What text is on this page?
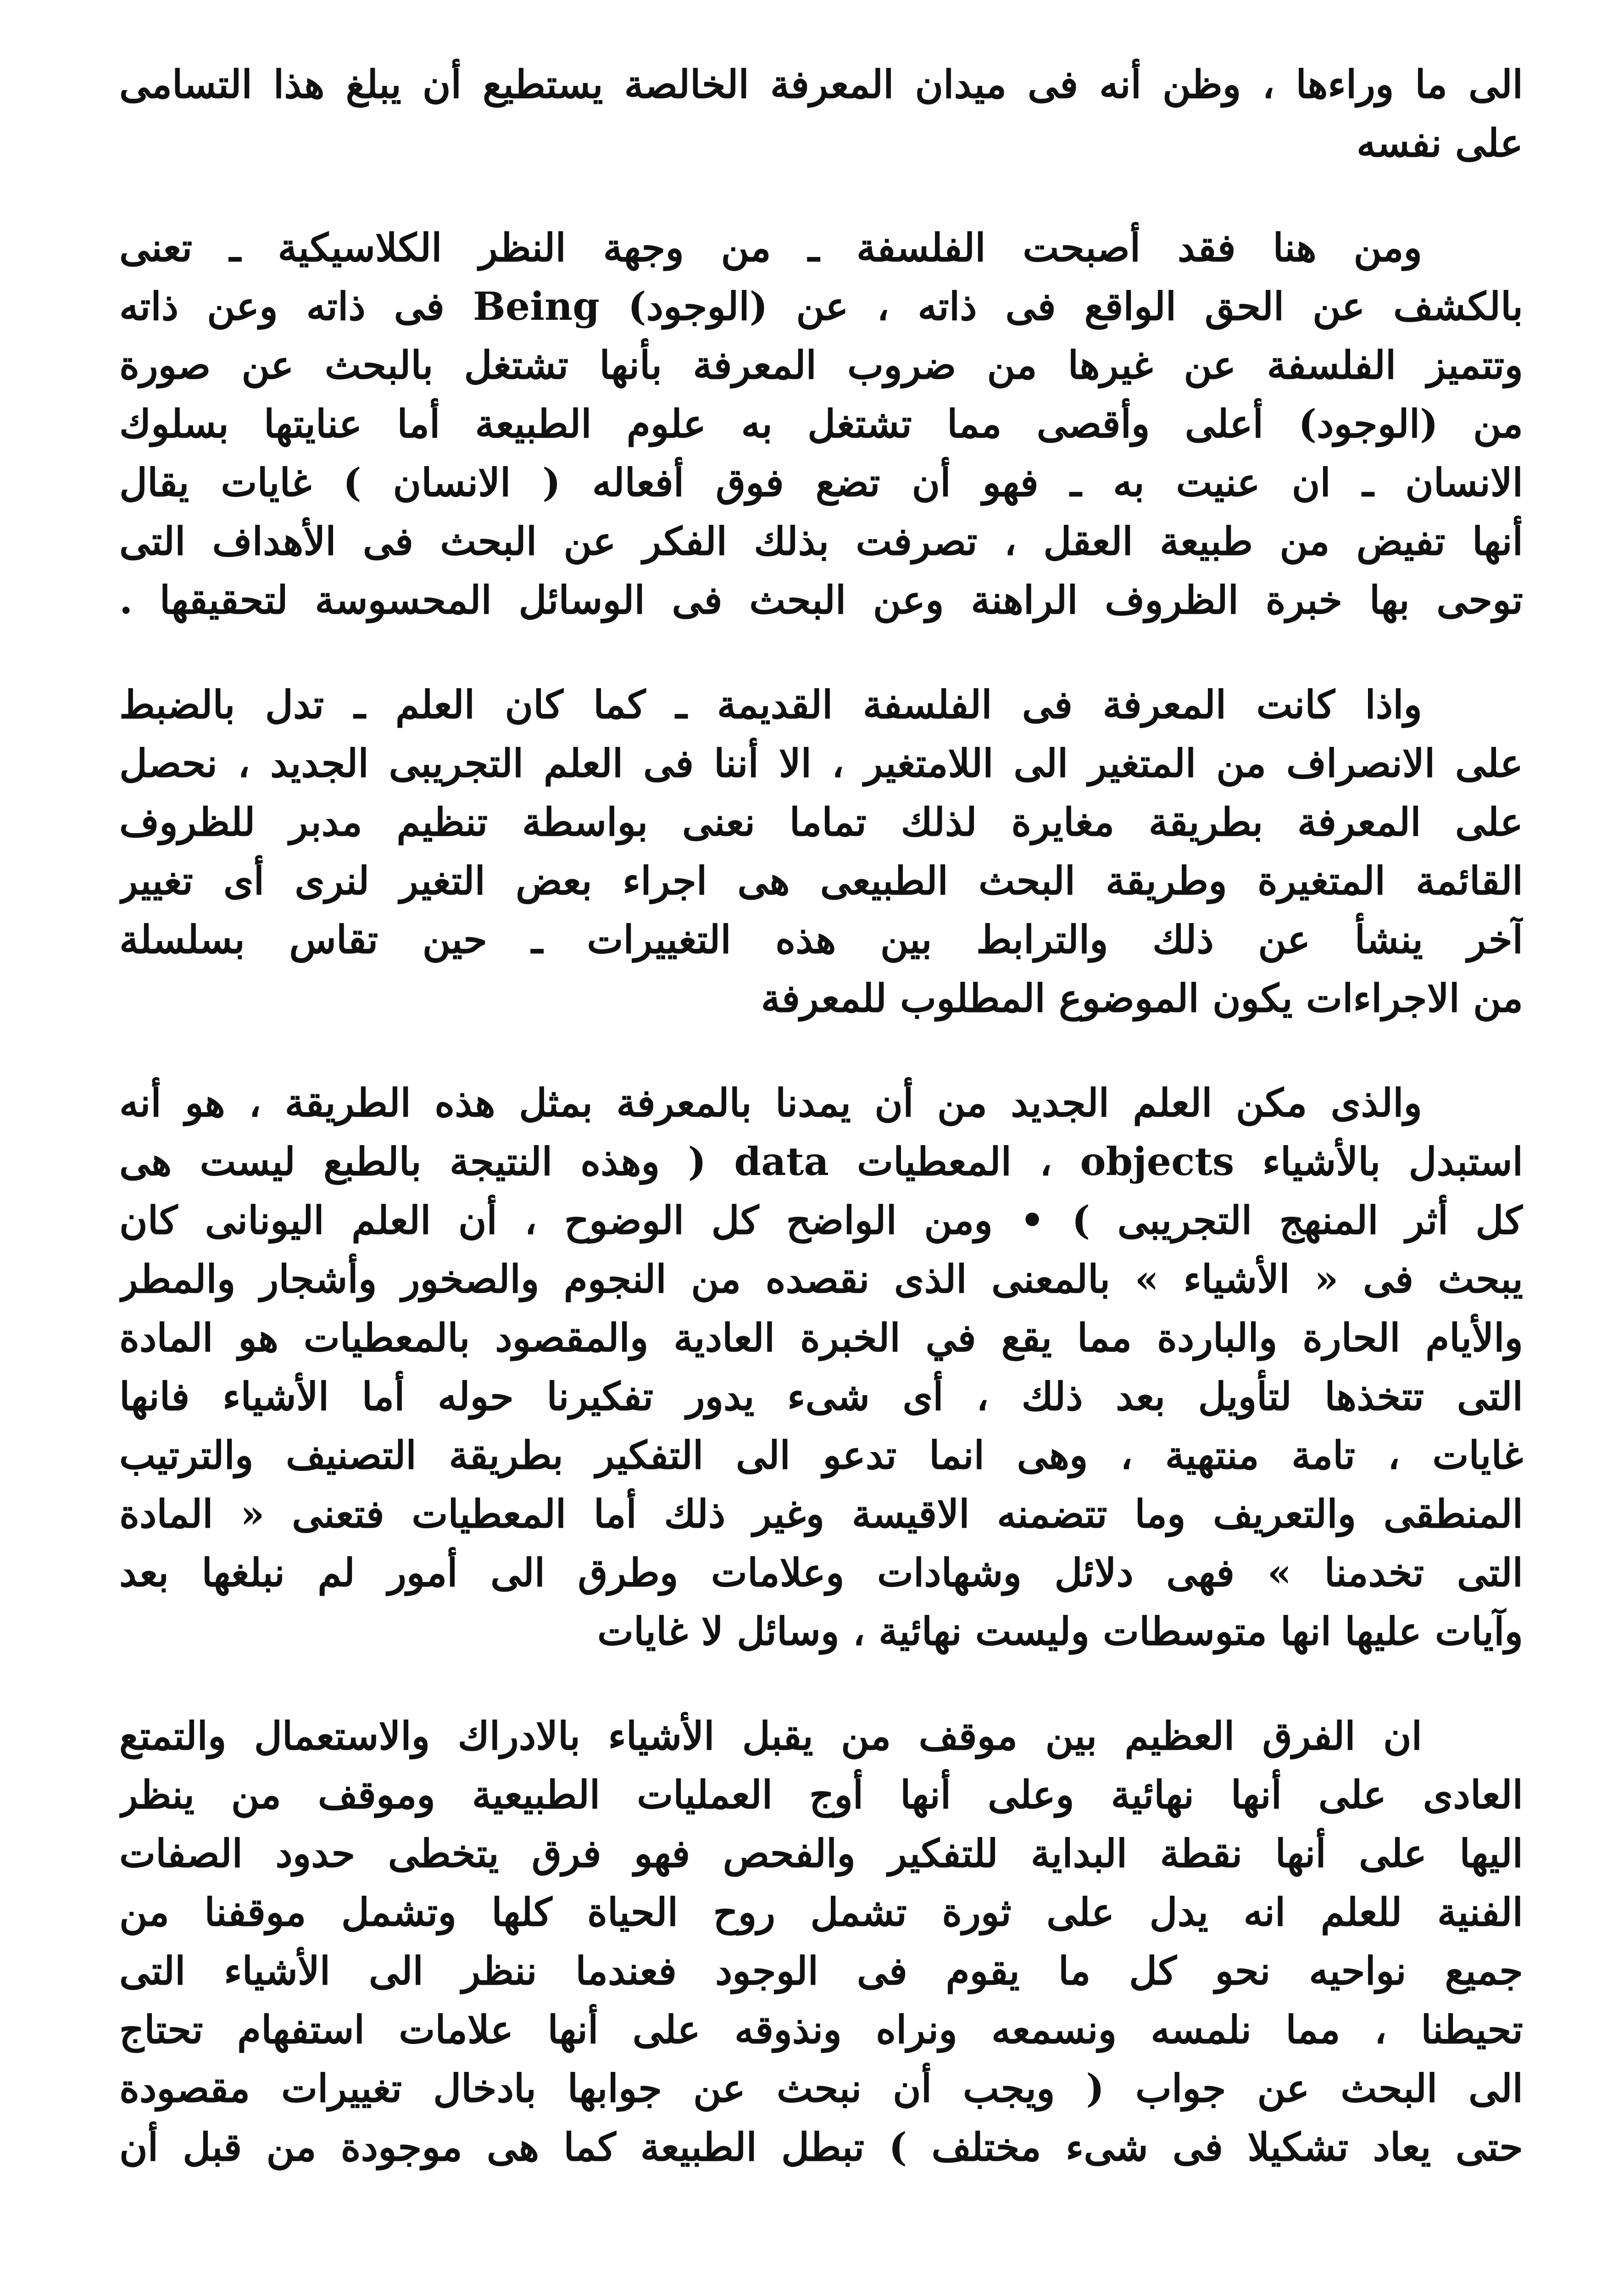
الى ما وراءها ، وظن أنه فى ميدان المعرفة الخالصة يستطيع أن يبلغ هذا التسامى
على نفسه
ومن هنا فقد أصبحت الفلسفة ـ من وجهة النظر الكلاسيكية ـ تعنى
بالكشف عن الحق الواقع فى ذاته ، عن (الوجود) Being فى ذاته وعن ذاته
وتتميز الفلسفة عن غيرها من ضروب المعرفة بأنها تشتغل بالبحث عن صورة
من (الوجود) أعلى وأقصى مما تشتغل به علوم الطبيعة أما عنايتها بسلوك
الانسان ـ ان عنيت به ـ فهو أن تضع فوق أفعاله ( الانسان ) غايات يقال
أنها تفيض من طبيعة العقل ، تصرفت بذلك الفكر عن البحث فى الأهداف التى
توحى بها خبرة الظروف الراهنة وعن البحث فى الوسائل المحسوسة لتحقيقها .
واذا كانت المعرفة فى الفلسفة القديمة ـ كما كان العلم ـ تدل بالضبط
على الانصراف من المتغير الى اللامتغير ، الا أننا فى العلم التجريبى الجديد ، نحصل
على المعرفة بطريقة مغايرة لذلك تماما نعنى بواسطة تنظيم مدبر للظروف
القائمة المتغيرة وطريقة البحث الطبيعى هى اجراء بعض التغير لنرى أى تغيير
آخر ينشأ عن ذلك والترابط بين هذه التغييرات ـ حين تقاس بسلسلة
من الاجراءات يكون الموضوع المطلوب للمعرفة
والذى مكن العلم الجديد من أن يمدنا بالمعرفة بمثل هذه الطريقة ، هو أنه
استبدل بالأشياء objects ، المعطيات data ( وهذه النتيجة بالطبع ليست هى
كل أثر المنهج التجريبى ) • ومن الواضح كل الوضوح ، أن العلم اليونانى كان
يبحث فى « الأشياء » بالمعنى الذى نقصده من النجوم والصخور وأشجار والمطر
والأيام الحارة والباردة مما يقع في الخبرة العادية والمقصود بالمعطيات هو المادة
التى تتخذها لتأويل بعد ذلك ، أى شىء يدور تفكيرنا حوله أما الأشياء فانها
غايات ، تامة منتهية ، وهى انما تدعو الى التفكير بطريقة التصنيف والترتيب
المنطقى والتعريف وما تتضمنه الاقيسة وغير ذلك أما المعطيات فتعنى « المادة
التى تخدمنا » فهى دلائل وشهادات وعلامات وطرق الى أمور لم نبلغها بعد
وآيات عليها انها متوسطات وليست نهائية ، وسائل لا غايات
ان الفرق العظيم بين موقف من يقبل الأشياء بالادراك والاستعمال والتمتع
العادى على أنها نهائية وعلى أنها أوج العمليات الطبيعية وموقف من ينظر
اليها على أنها نقطة البداية للتفكير والفحص فهو فرق يتخطى حدود الصفات
الفنية للعلم انه يدل على ثورة تشمل روح الحياة كلها وتشمل موقفنا من
جميع نواحيه نحو كل ما يقوم فى الوجود فعندما ننظر الى الأشياء التى
تحيطنا ، مما نلمسه ونسمعه ونراه ونذوقه على أنها علامات استفهام تحتاج
الى البحث عن جواب ( ويجب أن نبحث عن جوابها بادخال تغييرات مقصودة
حتى يعاد تشكيلا فى شىء مختلف ) تبطل الطبيعة كما هى موجودة من قبل أن
